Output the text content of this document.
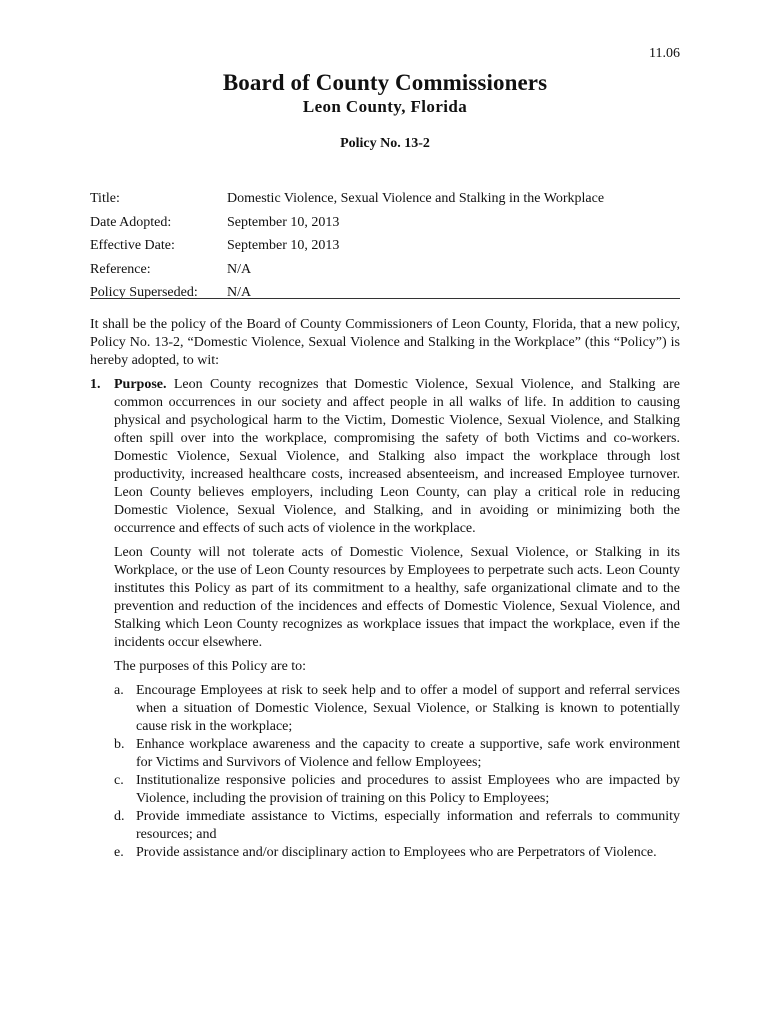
11.06
Board of County Commissioners
Leon County, Florida
Policy No. 13-2
Title:	Domestic Violence, Sexual Violence and Stalking in the Workplace
Date Adopted:	September 10, 2013
Effective Date:	September 10, 2013
Reference:	N/A
Policy Superseded:	N/A

It shall be the policy of the Board of County Commissioners of Leon County, Florida, that a new policy, Policy No. 13-2, “Domestic Violence, Sexual Violence and Stalking in the Workplace” (this “Policy”) is hereby adopted, to wit:

1. Purpose. Leon County recognizes that Domestic Violence, Sexual Violence, and Stalking are common occurrences in our society and affect people in all walks of life. In addition to causing physical and psychological harm to the Victim, Domestic Violence, Sexual Violence, and Stalking often spill over into the workplace, compromising the safety of both Victims and co-workers. Domestic Violence, Sexual Violence, and Stalking also impact the workplace through lost productivity, increased healthcare costs, increased absenteeism, and increased Employee turnover. Leon County believes employers, including Leon County, can play a critical role in reducing Domestic Violence, Sexual Violence, and Stalking, and in avoiding or minimizing both the occurrence and effects of such acts of violence in the workplace.

Leon County will not tolerate acts of Domestic Violence, Sexual Violence, or Stalking in its Workplace, or the use of Leon County resources by Employees to perpetrate such acts. Leon County institutes this Policy as part of its commitment to a healthy, safe organizational climate and to the prevention and reduction of the incidences and effects of Domestic Violence, Sexual Violence, and Stalking which Leon County recognizes as workplace issues that impact the workplace, even if the incidents occur elsewhere.

The purposes of this Policy are to:

a. Encourage Employees at risk to seek help and to offer a model of support and referral services when a situation of Domestic Violence, Sexual Violence, or Stalking is known to potentially cause risk in the workplace;
b. Enhance workplace awareness and the capacity to create a supportive, safe work environment for Victims and Survivors of Violence and fellow Employees;
c. Institutionalize responsive policies and procedures to assist Employees who are impacted by Violence, including the provision of training on this Policy to Employees;
d. Provide immediate assistance to Victims, especially information and referrals to community resources; and
e. Provide assistance and/or disciplinary action to Employees who are Perpetrators of Violence.
